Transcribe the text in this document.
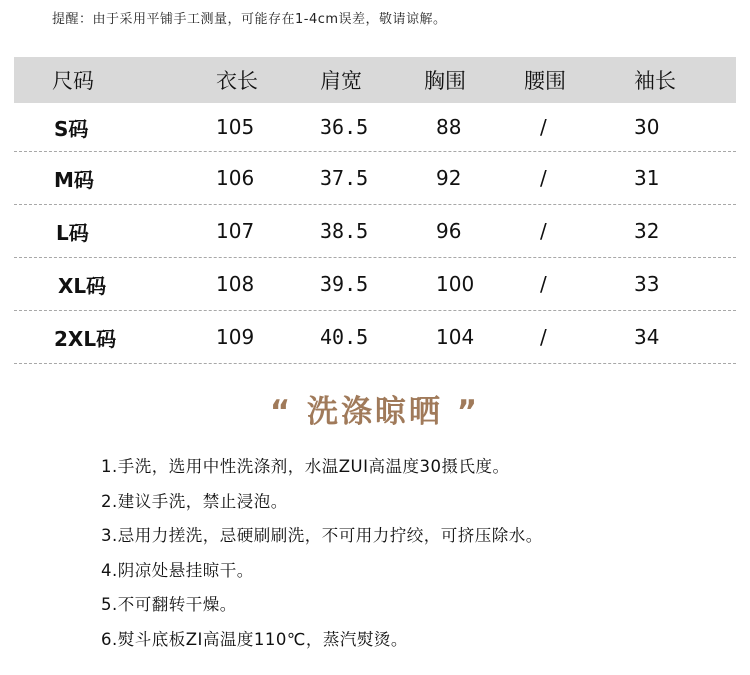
提醒：由于采用平铺手工测量，可能存在1-4cm误差，敬请谅解。
尺码	衣长	肩宽	胸围	腰围	袖长
S码	105	36.5	88	/	30
M码	106	37.5	92	/	31
L码	107	38.5	96	/	32
XL码	108	39.5	100	/	33
2XL码	109	40.5	104	/	34
“ 洗涤晾晒 ”
1.手洗，选用中性洗涤剂，水温ZUI高温度30摄氏度。
2.建议手洗，禁止浸泡。
3.忌用力搓洗，忌硬刷刷洗，不可用力拧绞，可挤压除水。
4.阴凉处悬挂晾干。
5.不可翻转干燥。
6.熨斗底板ZI高温度110℃，蒸汽熨烫。
